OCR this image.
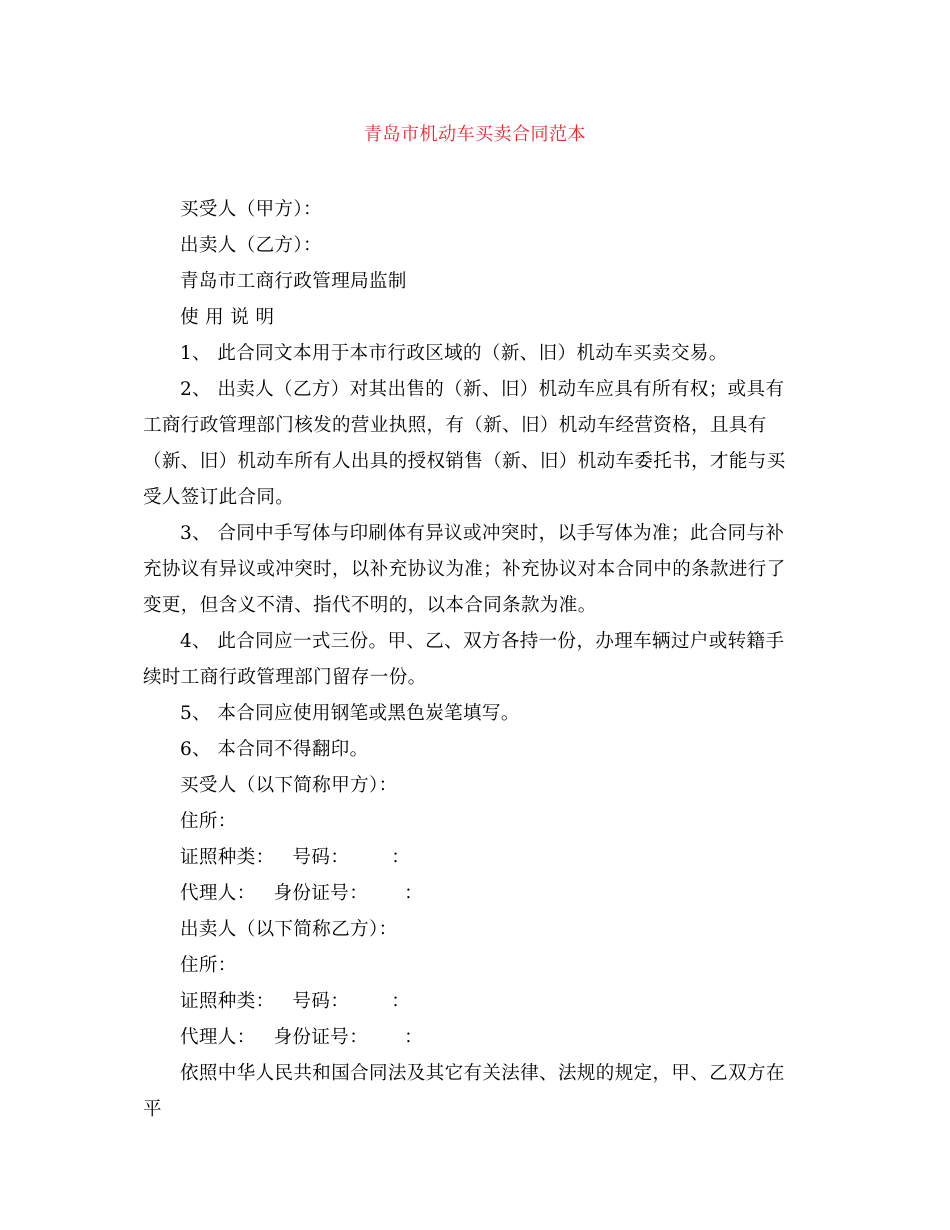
青岛市机动车买卖合同范本

买受人（甲方）：

出卖人（乙方）：

青岛市工商行政管理局监制

使 用 说 明

1、 此合同文本用于本市行政区域的（新、旧）机动车买卖交易。

2、 出卖人（乙方）对其出售的（新、旧）机动车应具有所有权；或具有工商行政管理部门核发的营业执照，有（新、旧）机动车经营资格，且具有（新、旧）机动车所有人出具的授权销售（新、旧）机动车委托书，才能与买受人签订此合同。

3、 合同中手写体与印刷体有异议或冲突时，以手写体为准；此合同与补充协议有异议或冲突时，以补充协议为准；补充协议对本合同中的条款进行了变更，但含义不清、指代不明的，以本合同条款为准。

4、 此合同应一式三份。甲、乙、双方各持一份，办理车辆过户或转籍手续时工商行政管理部门留存一份。

5、 本合同应使用钢笔或黑色炭笔填写。

6、 本合同不得翻印。

买受人（以下简称甲方）：

住所：

证照种类： 号码： ：

代理人： 身份证号： ：

出卖人（以下简称乙方）：

住所：

证照种类： 号码： ：

代理人： 身份证号： ：

依照中华人民共和国合同法及其它有关法律、法规的规定，甲、乙双方在平
